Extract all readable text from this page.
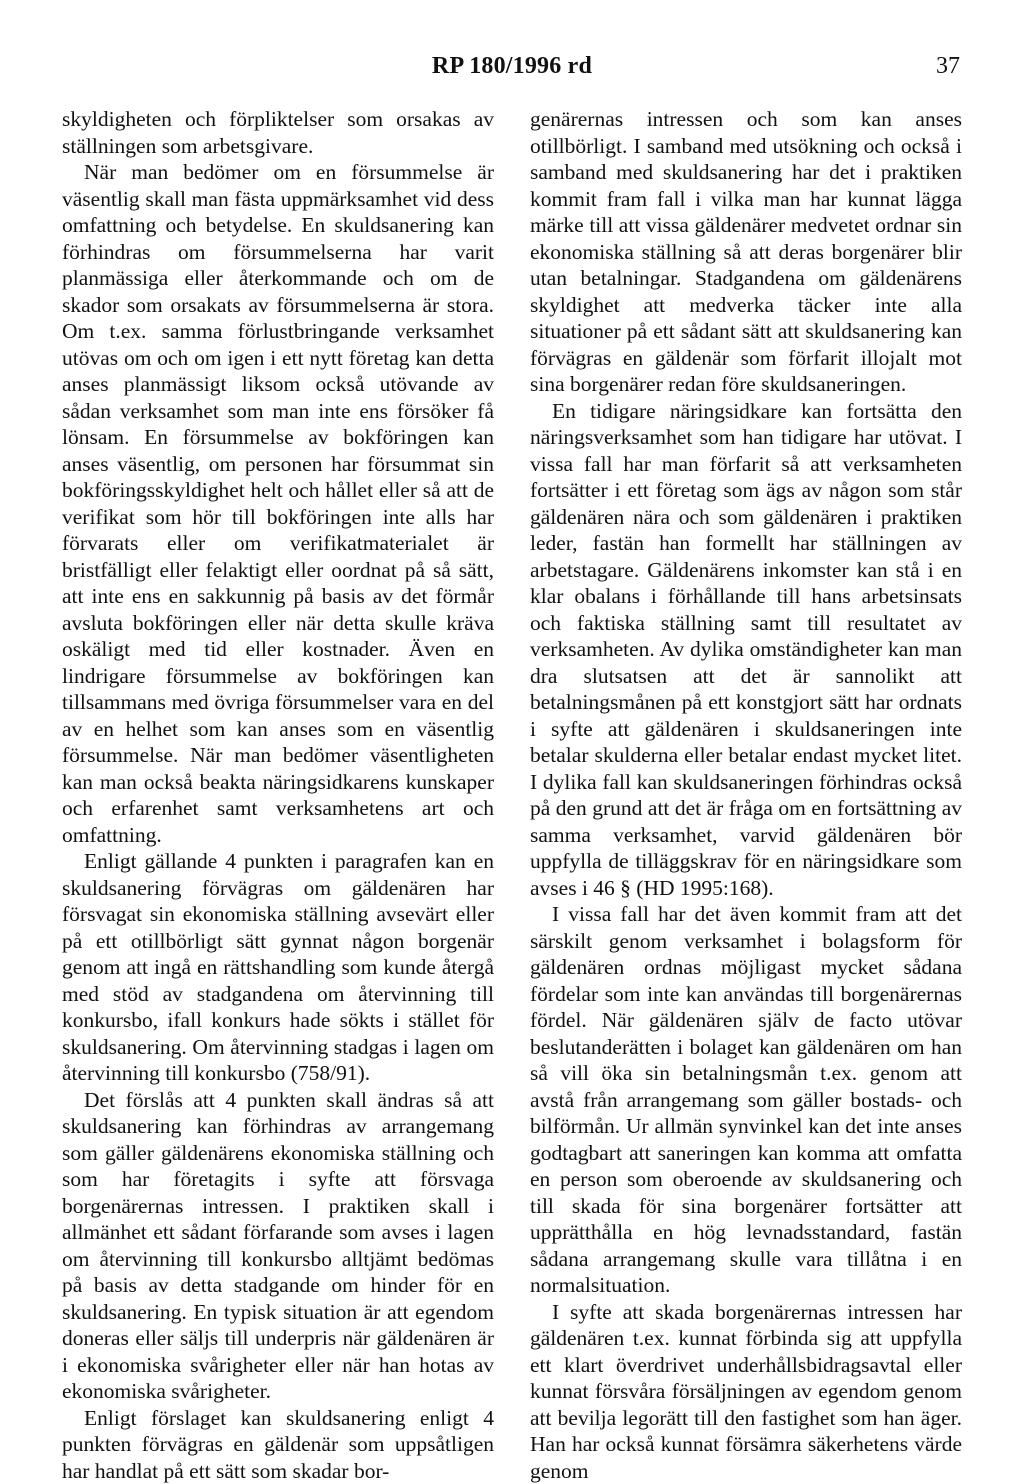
RP 180/1996 rd	37

skyldigheten och förpliktelser som orsakas av ställningen som arbetsgivare.

När man bedömer om en försummelse är väsentlig skall man fästa uppmärksamhet vid dess omfattning och betydelse. En skuldsanering kan förhindras om försummelserna har varit planmässiga eller återkommande och om de skador som orsakats av försummelserna är stora. Om t.ex. samma förlustbringande verksamhet utövas om och om igen i ett nytt företag kan detta anses planmässigt liksom också utövande av sådan verksamhet som man inte ens försöker få lönsam. En försummelse av bokföringen kan anses väsentlig, om personen har försummat sin bokföringsskyldighet helt och hållet eller så att de verifikat som hör till bokföringen inte alls har förvarats eller om verifikatmaterialet är bristfälligt eller felaktigt eller oordnat på så sätt, att inte ens en sakkunnig på basis av det förmår avsluta bokföringen eller när detta skulle kräva oskäligt med tid eller kostnader. Även en lindrigare försummelse av bokföringen kan tillsammans med övriga försummelser vara en del av en helhet som kan anses som en väsentlig försummelse. När man bedömer väsentligheten kan man också beakta näringsidkarens kunskaper och erfarenhet samt verksamhetens art och omfattning.

Enligt gällande 4 punkten i paragrafen kan en skuldsanering förvägras om gäldenären har försvagat sin ekonomiska ställning avsevärt eller på ett otillbörligt sätt gynnat någon borgenär genom att ingå en rättshandling som kunde återgå med stöd av stadgandena om återvinning till konkursbo, ifall konkurs hade sökts i stället för skuldsanering. Om återvinning stadgas i lagen om återvinning till konkursbo (758/91).

Det förslås att 4 punkten skall ändras så att skuldsanering kan förhindras av arrangemang som gäller gäldenärens ekonomiska ställning och som har företagits i syfte att försvaga borgenärernas intressen. I praktiken skall i allmänhet ett sådant förfarande som avses i lagen om återvinning till konkursbo alltjämt bedömas på basis av detta stadgande om hinder för en skuldsanering. En typisk situation är att egendom doneras eller säljs till underpris när gäldenären är i ekonomiska svårigheter eller när han hotas av ekonomiska svårigheter.

Enligt förslaget kan skuldsanering enligt 4 punkten förvägras en gäldenär som uppsåtligen har handlat på ett sätt som skadar bor-

genärernas intressen och som kan anses otillbörligt. I samband med utsökning och också i samband med skuldsanering har det i praktiken kommit fram fall i vilka man har kunnat lägga märke till att vissa gäldenärer medvetet ordnar sin ekonomiska ställning så att deras borgenärer blir utan betalningar. Stadgandena om gäldenärens skyldighet att medverka täcker inte alla situationer på ett sådant sätt att skuldsanering kan förvägras en gäldenär som förfarit illojalt mot sina borgenärer redan före skuldsaneringen.

En tidigare näringsidkare kan fortsätta den näringsverksamhet som han tidigare har utövat. I vissa fall har man förfarit så att verksamheten fortsätter i ett företag som ägs av någon som står gäldenären nära och som gäldenären i praktiken leder, fastän han formellt har ställningen av arbetstagare. Gäldenärens inkomster kan stå i en klar obalans i förhållande till hans arbetsinsats och faktiska ställning samt till resultatet av verksamheten. Av dylika omständigheter kan man dra slutsatsen att det är sannolikt att betalningsmånen på ett konstgjort sätt har ordnats i syfte att gäldenären i skuldsaneringen inte betalar skulderna eller betalar endast mycket litet. I dylika fall kan skuldsaneringen förhindras också på den grund att det är fråga om en fortsättning av samma verksamhet, varvid gäldenären bör uppfylla de tilläggskrav för en näringsidkare som avses i 46 § (HD 1995:168).

I vissa fall har det även kommit fram att det särskilt genom verksamhet i bolagsform för gäldenären ordnas möjligast mycket sådana fördelar som inte kan användas till borgenärernas fördel. När gäldenären själv de facto utövar beslutanderätten i bolaget kan gäldenären om han så vill öka sin betalningsmån t.ex. genom att avstå från arrangemang som gäller bostads- och bilförmån. Ur allmän synvinkel kan det inte anses godtagbart att saneringen kan komma att omfatta en person som oberoende av skuldsanering och till skada för sina borgenärer fortsätter att upprätthålla en hög levnadsstandard, fastän sådana arrangemang skulle vara tillåtna i en normalsituation.

I syfte att skada borgenärernas intressen har gäldenären t.ex. kunnat förbinda sig att uppfylla ett klart överdrivet underhållsbidragsavtal eller kunnat försvåra försäljningen av egendom genom att bevilja legorätt till den fastighet som han äger. Han har också kunnat försämra säkerhetens värde genom
